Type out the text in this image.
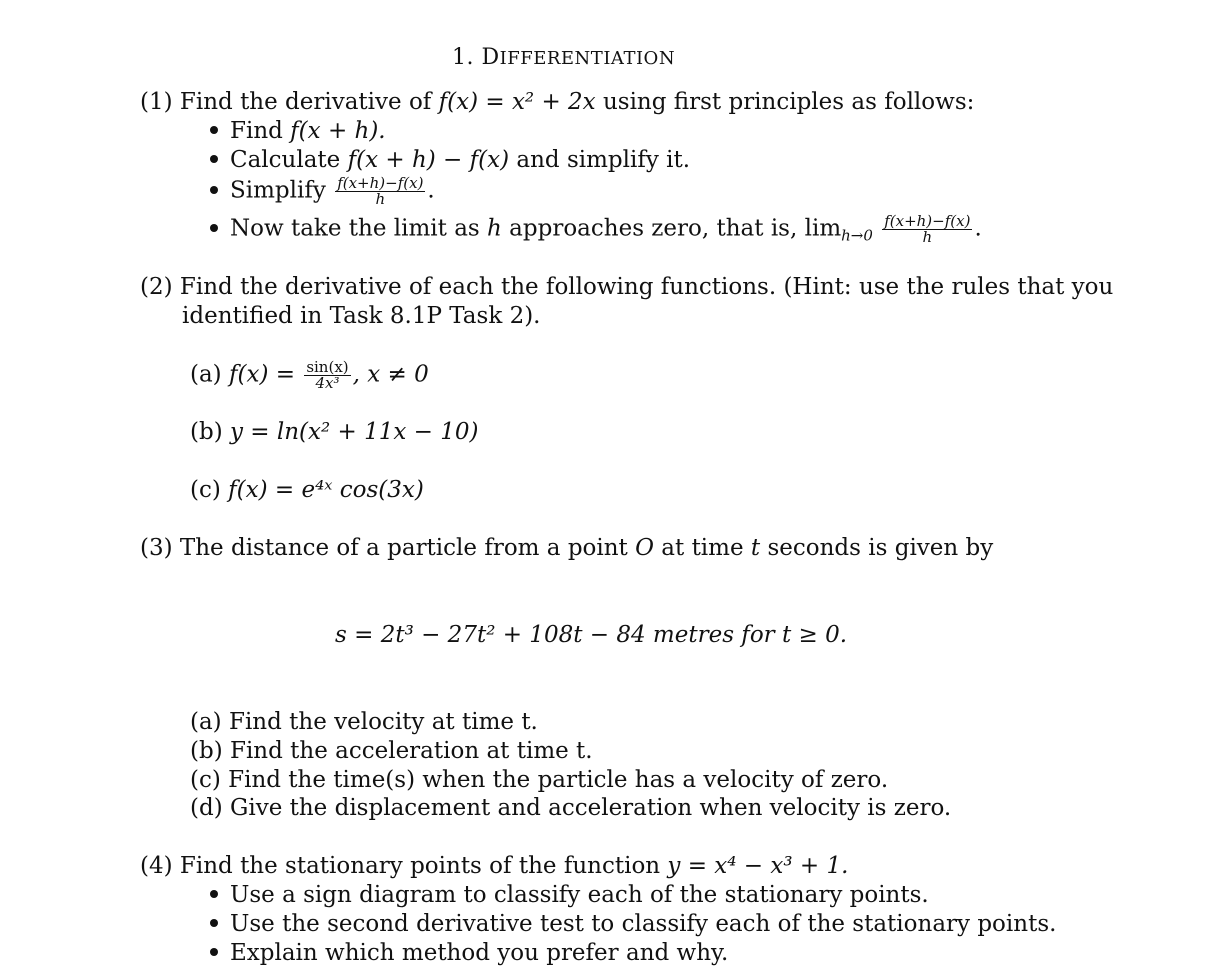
1. DIFFERENTIATION
(1) Find the derivative of f(x) = x² + 2x using first principles as follows:
Find f(x + h).
Calculate f(x + h) − f(x) and simplify it.
Simplify $\frac{f(x+h)-f(x)}{h}$ .
Now take the limit as h approaches zero, that is, $\lim_{h\to 0} \frac{f(x+h)-f(x)}{h}$ .
(2) Find the derivative of each the following functions. (Hint: use the rules that you
identified in Task 8.1P Task 2).
(a) $f(x) = \frac{\sin(x)}{\text{4x³}}$ , x ≠ 0
(b) y = ln(x² + 11x − 10)
(c) f(x) = e⁴ˣ cos(3x)
(3) The distance of a particle from a point O at time t seconds is given by
s = 2t³ − 27t² + 108t − 84 metres for t ≥ 0.
(a) Find the velocity at time t.
(b) Find the acceleration at time t.
(c) Find the time(s) when the particle has a velocity of zero.
(d) Give the displacement and acceleration when velocity is zero.
(4) Find the stationary points of the function y = x⁴ − x³ + 1.
Use a sign diagram to classify each of the stationary points.
Use the second derivative test to classify each of the stationary points.
Explain which method you prefer and why.
